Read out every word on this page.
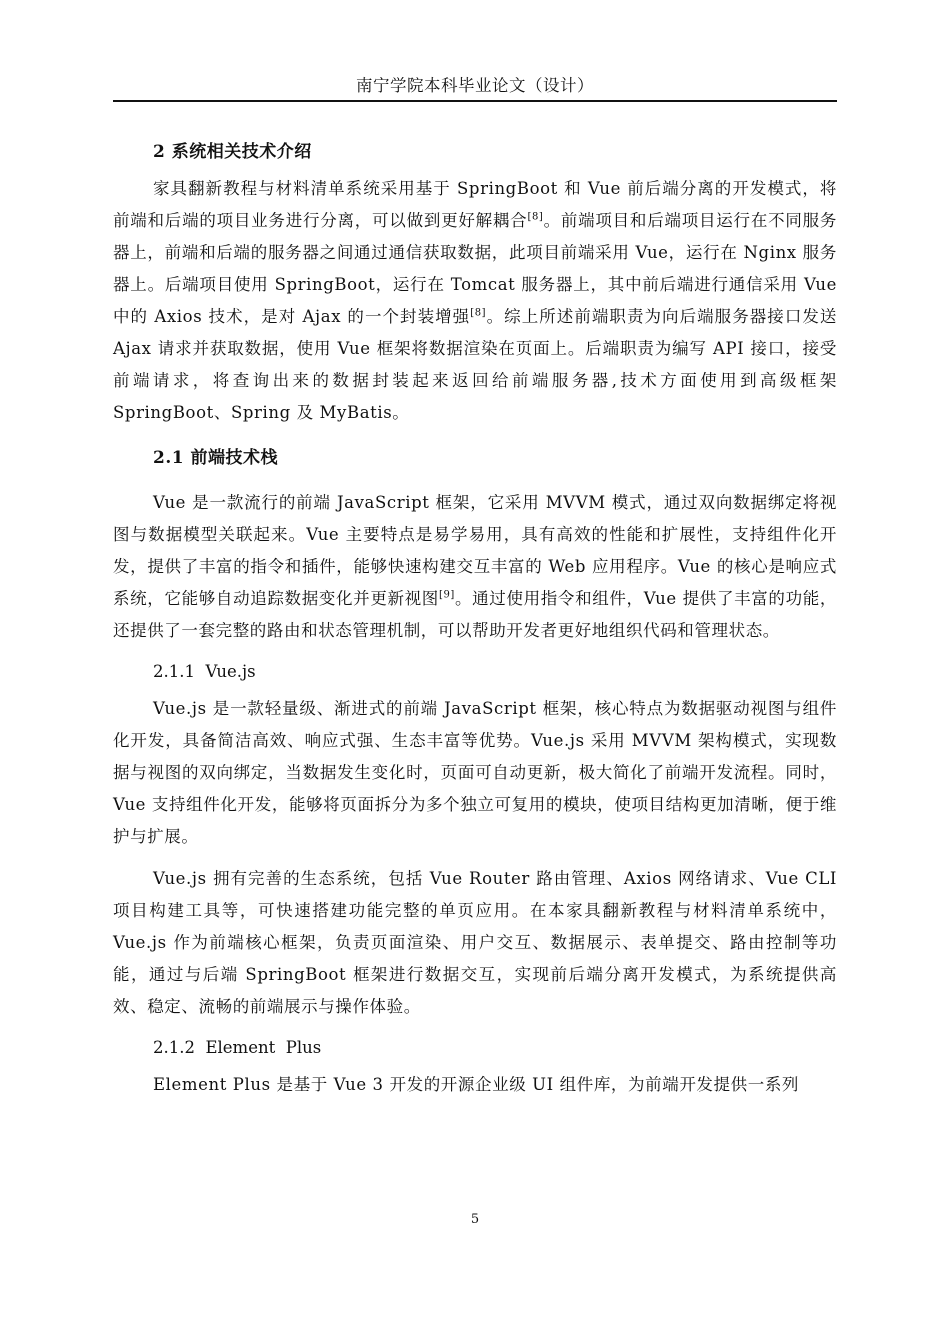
南宁学院本科毕业论文（设计）
2 系统相关技术介绍

家具翻新教程与材料清单系统采用基于 SpringBoot 和 Vue 前后端分离的开发模式，将前端和后端的项目业务进行分离，可以做到更好解耦合[8]。前端项目和后端项目运行在不同服务器上，前端和后端的服务器之间通过通信获取数据，此项目前端采用 Vue，运行在 Nginx 服务器上。后端项目使用 SpringBoot，运行在 Tomcat 服务器上，其中前后端进行通信采用 Vue 中的 Axios 技术，是对 Ajax 的一个封装增强[8]。综上所述前端职责为向后端服务器接口发送 Ajax 请求并获取数据，使用 Vue 框架将数据渲染在页面上。后端职责为编写 API 接口，接受前端请求，将查询出来的数据封装起来返回给前端服务器,技术方面使用到高级框架 SpringBoot、Spring 及 MyBatis。

2.1 前端技术栈

Vue 是一款流行的前端 JavaScript 框架，它采用 MVVM 模式，通过双向数据绑定将视图与数据模型关联起来。Vue 主要特点是易学易用，具有高效的性能和扩展性，支持组件化开发，提供了丰富的指令和插件，能够快速构建交互丰富的 Web 应用程序。Vue 的核心是响应式系统，它能够自动追踪数据变化并更新视图[9]。通过使用指令和组件，Vue 提供了丰富的功能，还提供了一套完整的路由和状态管理机制，可以帮助开发者更好地组织代码和管理状态。

2.1.1  Vue.js

Vue.js 是一款轻量级、渐进式的前端 JavaScript 框架，核心特点为数据驱动视图与组件化开发，具备简洁高效、响应式强、生态丰富等优势。Vue.js 采用 MVVM 架构模式，实现数据与视图的双向绑定，当数据发生变化时，页面可自动更新，极大简化了前端开发流程。同时，Vue 支持组件化开发，能够将页面拆分为多个独立可复用的模块，使项目结构更加清晰，便于维护与扩展。

Vue.js 拥有完善的生态系统，包括 Vue Router 路由管理、Axios 网络请求、Vue CLI 项目构建工具等，可快速搭建功能完整的单页应用。在本家具翻新教程与材料清单系统中，Vue.js 作为前端核心框架，负责页面渲染、用户交互、数据展示、表单提交、路由控制等功能，通过与后端 SpringBoot 框架进行数据交互，实现前后端分离开发模式，为系统提供高效、稳定、流畅的前端展示与操作体验。

2.1.2  Element  Plus

Element Plus 是基于 Vue 3 开发的开源企业级 UI 组件库，为前端开发提供一系列

5
